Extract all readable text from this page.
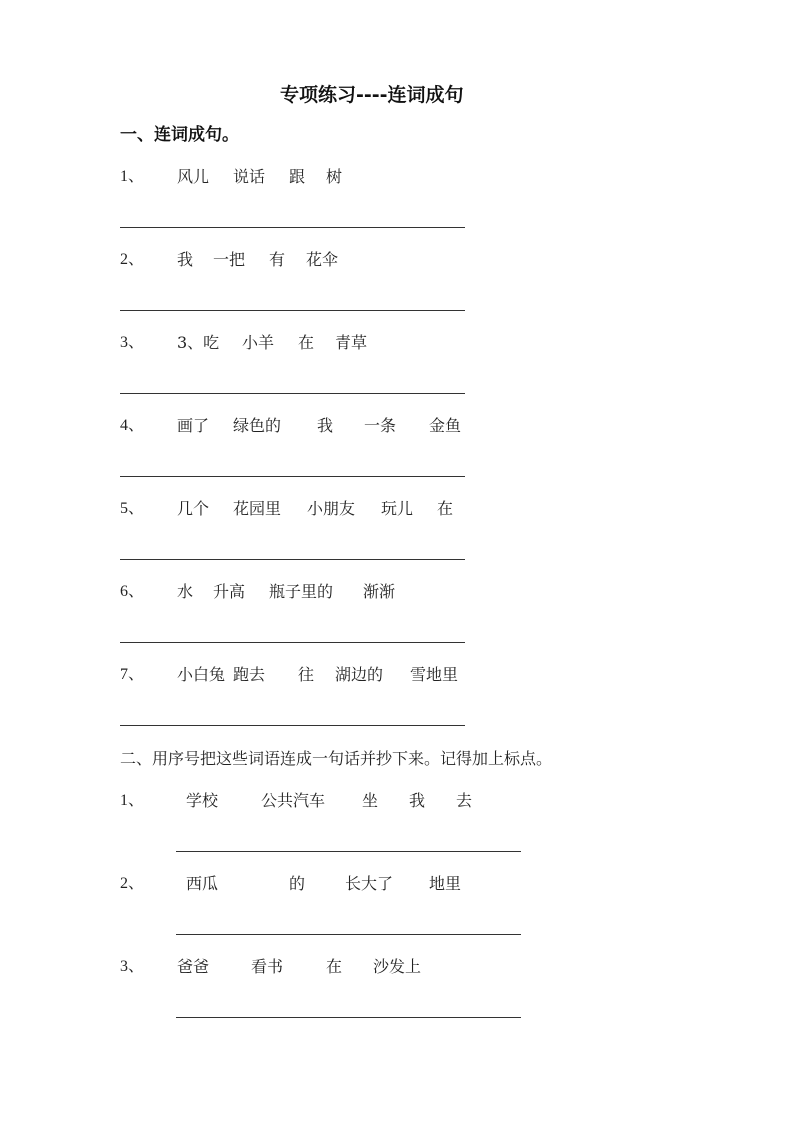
专项练习----连词成句
一、连词成句。
1、 风儿 说话 跟 树
2、 我 一把 有 花伞
3、 3、吃 小羊 在 青草
4、 画了 绿色的 我 一条 金鱼
5、 几个 花园里 小朋友 玩儿 在
6、 水 升高 瓶子里的 渐渐
7、 小白兔 跑去 往 湖边的 雪地里
二、用序号把这些词语连成一句话并抄下来。记得加上标点。
1、	学校	公共汽车 坐 我 去
2、	西瓜	的 长大了 地里
3、 爸爸	看书	在 沙发上
